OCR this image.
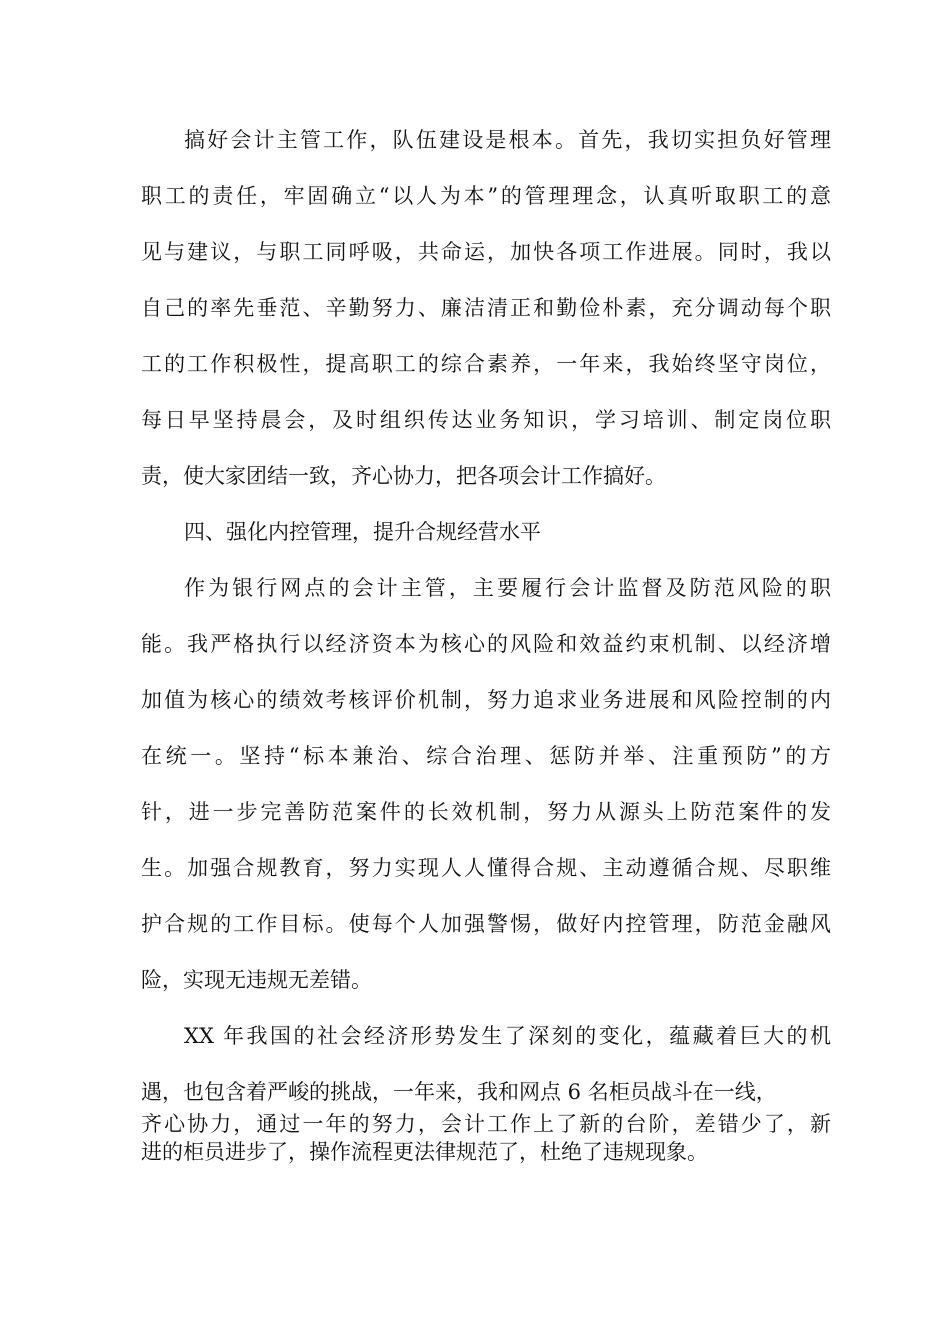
搞好会计主管工作，队伍建设是根本。首先，我切实担负好管理
职工的责任，牢固确立“以人为本”的管理理念，认真听取职工的意
见与建议，与职工同呼吸，共命运，加快各项工作进展。同时，我以
自己的率先垂范、辛勤努力、廉洁清正和勤俭朴素，充分调动每个职
工的工作积极性，提高职工的综合素养，一年来，我始终坚守岗位，
每日早坚持晨会，及时组织传达业务知识，学习培训、制定岗位职
责，使大家团结一致，齐心协力，把各项会计工作搞好。
四、强化内控管理，提升合规经营水平
作为银行网点的会计主管，主要履行会计监督及防范风险的职
能。我严格执行以经济资本为核心的风险和效益约束机制、以经济增
加值为核心的绩效考核评价机制，努力追求业务进展和风险控制的内
在统一。坚持“标本兼治、综合治理、惩防并举、注重预防”的方
针，进一步完善防范案件的长效机制，努力从源头上防范案件的发
生。加强合规教育，努力实现人人懂得合规、主动遵循合规、尽职维
护合规的工作目标。使每个人加强警惕，做好内控管理，防范金融风
险，实现无违规无差错。
XX 年我国的社会经济形势发生了深刻的变化，蕴藏着巨大的机
遇，也包含着严峻的挑战，一年来，我和网点 6 名柜员战斗在一线，
齐心协力，通过一年的努力，会计工作上了新的台阶，差错少了，新
进的柜员进步了，操作流程更法律规范了，杜绝了违规现象。
